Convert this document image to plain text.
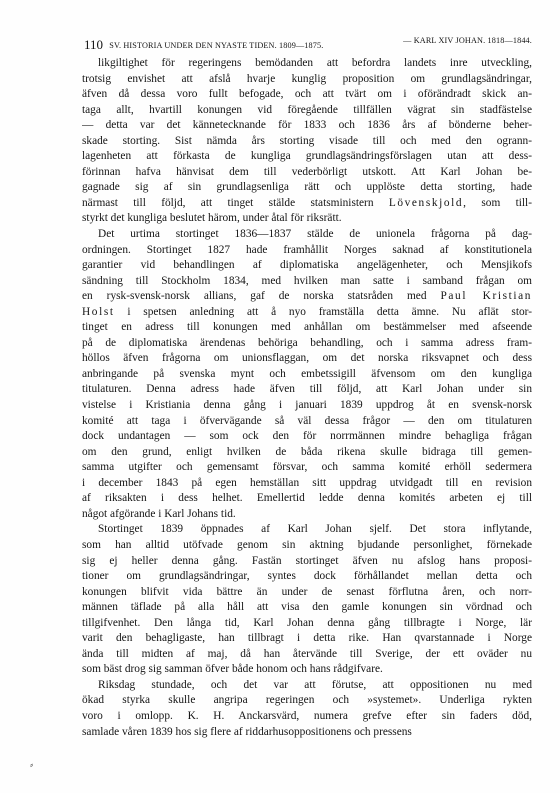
110 SV. HISTORIA UNDER DEN NYASTE TIDEN. 1809—1875.
— KARL XIV JOHAN. 1818—1844.
likgiltighet för regeringens bemödanden att befordra landets inre utveckling,
trotsig envishet att afslå hvarje kunglig proposition om grundlagsändringar,
äfven då dessa voro fullt befogade, och att tvärt om i oförändradt skick an-
taga allt, hvartill konungen vid föregående tillfällen vägrat sin stadfästelse
— detta var det kännetecknande för 1833 och 1836 års af bönderne beher-
skade storting. Sist nämda års storting visade till och med den ogrann-
lagenheten att förkasta de kungliga grundlagsändringsförslagen utan att dess-
förinnan hafva hänvisat dem till vederbörligt utskott. Att Karl Johan be-
gagnade sig af sin grundlagsenliga rätt och upplöste detta storting, hade
närmast till följd, att tinget stälde statsministern Lövenskjold, som till-
styrkt det kungliga beslutet härom, under åtal för riksrätt.
Det urtima stortinget 1836—1837 stälde de unionela frågorna på dag-
ordningen. Stortinget 1827 hade framhållit Norges saknad af konstitutionela
garantier vid behandlingen af diplomatiska angelägenheter, och Mensjikofs
sändning till Stockholm 1834, med hvilken man satte i samband frågan om
en rysk-svensk-norsk allians, gaf de norska statsråden med Paul Kristian
Holst i spetsen anledning att å nyo framställa detta ämne. Nu aflät stor-
tinget en adress till konungen med anhållan om bestämmelser med afseende
på de diplomatiska ärendenas behöriga behandling, och i samma adress fram-
höllos äfven frågorna om unionsflaggan, om det norska riksvapnet och dess
anbringande på svenska mynt och embetssigill äfvensom om den kungliga
titulaturen. Denna adress hade äfven till följd, att Karl Johan under sin
vistelse i Kristiania denna gång i januari 1839 uppdrog åt en svensk-norsk
komité att taga i öfvervägande så väl dessa frågor — den om titulaturen
dock undantagen — som ock den för norrmännen mindre behagliga frågan
om den grund, enligt hvilken de båda rikena skulle bidraga till gemen-
samma utgifter och gemensamt försvar, och samma komité erhöll sedermera
i december 1843 på egen hemställan sitt uppdrag utvidgadt till en revision
af riksakten i dess helhet. Emellertid ledde denna komités arbeten ej till
något afgörande i Karl Johans tid.
Stortinget 1839 öppnades af Karl Johan sjelf. Det stora inflytande,
som han alltid utöfvade genom sin aktning bjudande personlighet, förnekade
sig ej heller denna gång. Fastän stortinget äfven nu afslog hans proposi-
tioner om grundlagsändringar, syntes dock förhållandet mellan detta och
konungen blifvit vida bättre än under de senast förflutna åren, och norr-
männen täflade på alla håll att visa den gamle konungen sin vördnad och
tillgifvenhet. Den långa tid, Karl Johan denna gång tillbragte i Norge, lär
varit den behagligaste, han tillbragt i detta rike. Han qvarstannade i Norge
ända till midten af maj, då han återvände till Sverige, der ett oväder nu
som bäst drog sig samman öfver både honom och hans rådgifvare.
Riksdag stundade, och det var att förutse, att oppositionen nu med
ökad styrka skulle angripa regeringen och »systemet». Underliga rykten
voro i omlopp. K. H. Anckarsvärd, numera grefve efter sin faders död,
samlade våren 1839 hos sig flere af riddarhusoppositionens och pressens
⸗
